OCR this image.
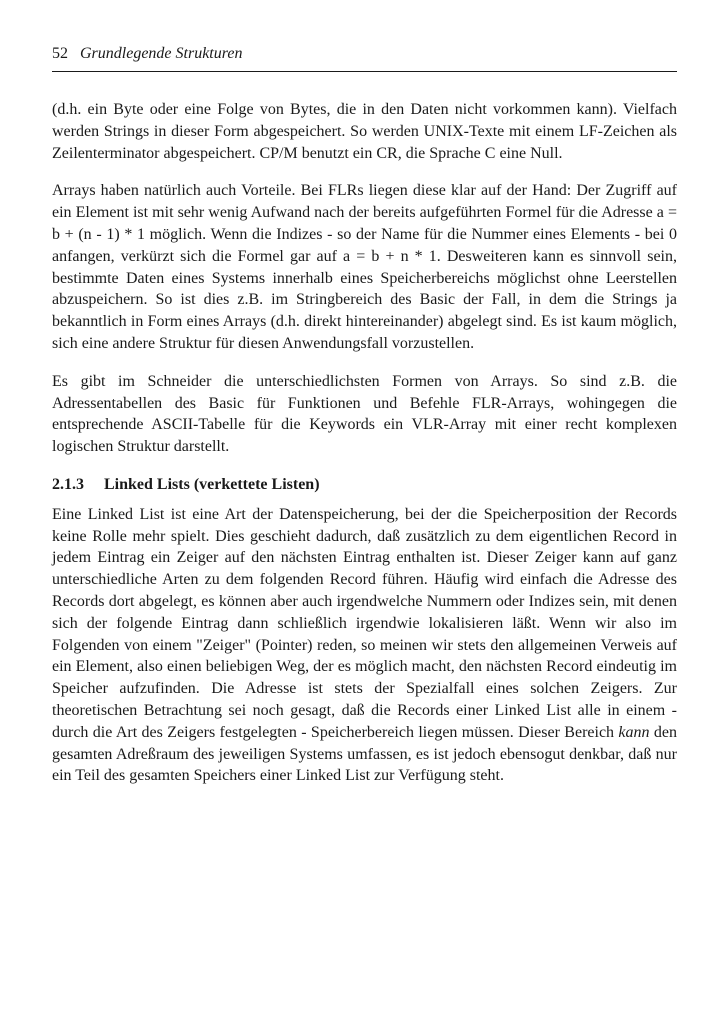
52 Grundlegende Strukturen

(d.h. ein Byte oder eine Folge von Bytes, die in den Daten nicht vorkommen kann). Vielfach werden Strings in dieser Form abgespeichert. So werden UNIX-Texte mit einem LF-Zeichen als Zeilenterminator abgespeichert. CP/M benutzt ein CR, die Sprache C eine Null.

Arrays haben natürlich auch Vorteile. Bei FLRs liegen diese klar auf der Hand: Der Zugriff auf ein Element ist mit sehr wenig Aufwand nach der bereits aufgeführten Formel für die Adresse a = b + (n - 1) * 1 möglich. Wenn die Indizes - so der Name für die Nummer eines Elements - bei 0 anfangen, verkürzt sich die Formel gar auf a = b + n * 1. Desweiteren kann es sinnvoll sein, bestimmte Daten eines Systems innerhalb eines Speicherbereichs möglichst ohne Leerstellen abzuspeichern. So ist dies z.B. im Stringbereich des Basic der Fall, in dem die Strings ja bekanntlich in Form eines Arrays (d.h. direkt hintereinander) abgelegt sind. Es ist kaum möglich, sich eine andere Struktur für diesen Anwendungsfall vorzustellen.

Es gibt im Schneider die unterschiedlichsten Formen von Arrays. So sind z.B. die Adressentabellen des Basic für Funktionen und Befehle FLR-Arrays, wohingegen die entsprechende ASCII-Tabelle für die Keywords ein VLR-Array mit einer recht komplexen logischen Struktur darstellt.

2.1.3 Linked Lists (verkettete Listen)

Eine Linked List ist eine Art der Datenspeicherung, bei der die Speicherposition der Records keine Rolle mehr spielt. Dies geschieht dadurch, daß zusätzlich zu dem eigentlichen Record in jedem Eintrag ein Zeiger auf den nächsten Eintrag enthalten ist. Dieser Zeiger kann auf ganz unterschiedliche Arten zu dem folgenden Record führen. Häufig wird einfach die Adresse des Records dort abgelegt, es können aber auch irgendwelche Nummern oder Indizes sein, mit denen sich der folgende Eintrag dann schließlich irgendwie lokalisieren läßt. Wenn wir also im Folgenden von einem "Zeiger" (Pointer) reden, so meinen wir stets den allgemeinen Verweis auf ein Element, also einen beliebigen Weg, der es möglich macht, den nächsten Record eindeutig im Speicher aufzufinden. Die Adresse ist stets der Spezialfall eines solchen Zeigers. Zur theoretischen Betrachtung sei noch gesagt, daß die Records einer Linked List alle in einem - durch die Art des Zeigers festgelegten - Speicherbereich liegen müssen. Dieser Bereich kann den gesamten Adreßraum des jeweiligen Systems umfassen, es ist jedoch ebensogut denkbar, daß nur ein Teil des gesamten Speichers einer Linked List zur Verfügung steht.
